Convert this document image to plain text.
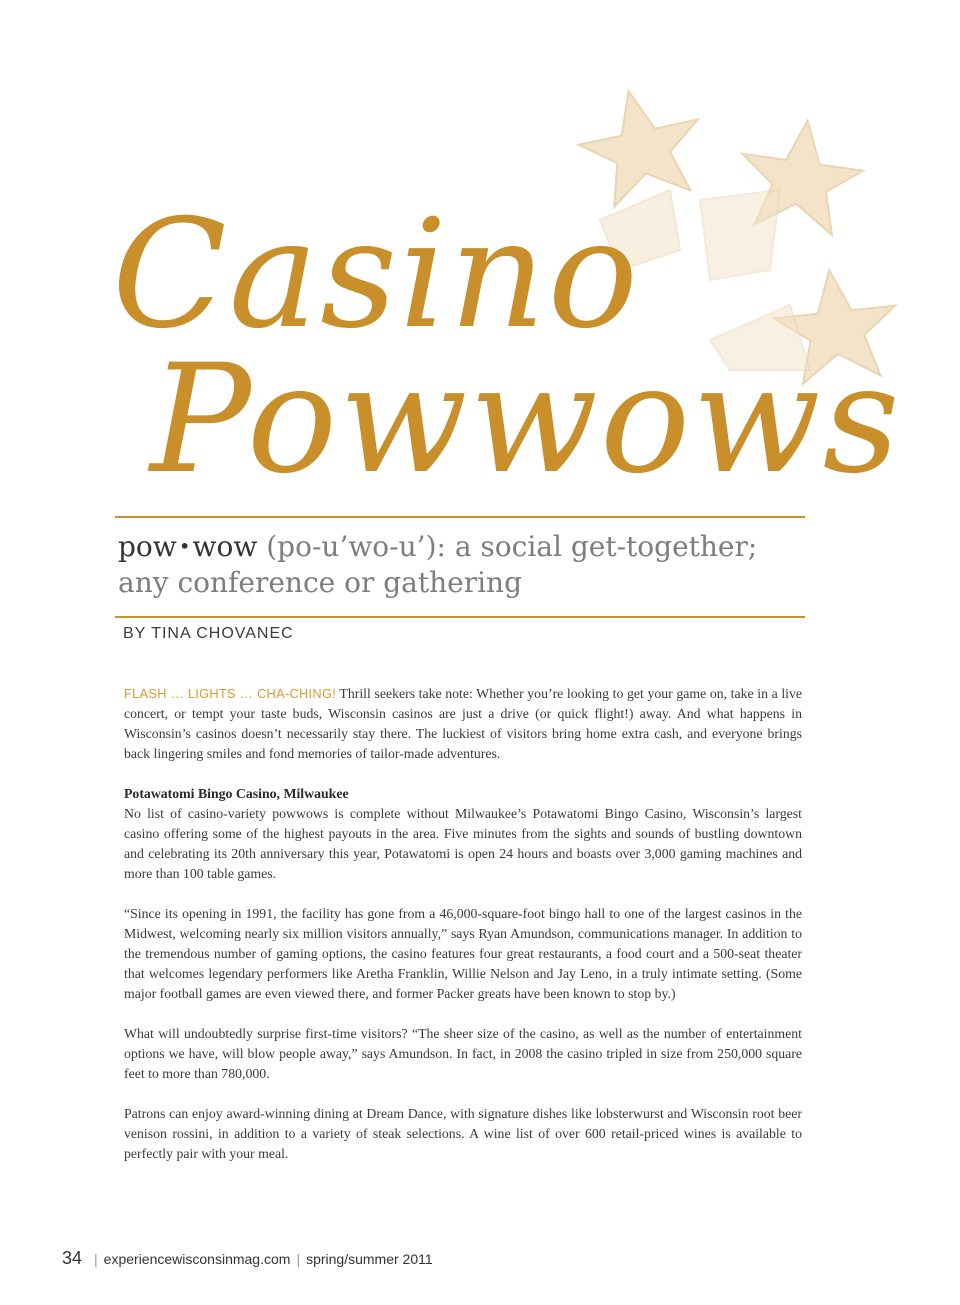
Casino
Powwows
pow •wow (po-u’wo-u’): a social get-together; any conference or gathering
BY TINA CHOVANEC

FLASH … LIGHTS … CHA-CHING! Thrill seekers take note: Whether you’re looking to get your game on, take in a live concert, or tempt your taste buds, Wisconsin casinos are just a drive (or quick flight!) away. And what happens in Wisconsin’s casinos doesn’t necessarily stay there. The luckiest of visitors bring home extra cash, and everyone brings back lingering smiles and fond memories of tailor-made adventures.

Potawatomi Bingo Casino, Milwaukee
No list of casino-variety powwows is complete without Milwaukee’s Potawatomi Bingo Casino, Wisconsin’s largest casino offering some of the highest payouts in the area. Five minutes from the sights and sounds of bustling downtown and celebrating its 20th anniversary this year, Potawatomi is open 24 hours and boasts over 3,000 gaming machines and more than 100 table games.

“Since its opening in 1991, the facility has gone from a 46,000-square-foot bingo hall to one of the largest casinos in the Midwest, welcoming nearly six million visitors annually,” says Ryan Amundson, communications manager. In addition to the tremendous number of gaming options, the casino features four great restaurants, a food court and a 500-seat theater that welcomes legendary performers like Aretha Franklin, Willie Nelson and Jay Leno, in a truly intimate setting. (Some major football games are even viewed there, and former Packer greats have been known to stop by.)

What will undoubtedly surprise first-time visitors? “The sheer size of the casino, as well as the number of entertainment options we have, will blow people away,” says Amundson. In fact, in 2008 the casino tripled in size from 250,000 square feet to more than 780,000.

Patrons can enjoy award-winning dining at Dream Dance, with signature dishes like lobsterwurst and Wisconsin root beer venison rossini, in addition to a variety of steak selections. A wine list of over 600 retail-priced wines is available to perfectly pair with your meal.

34 | experiencewisconsinmag.com | spring/summer 2011
